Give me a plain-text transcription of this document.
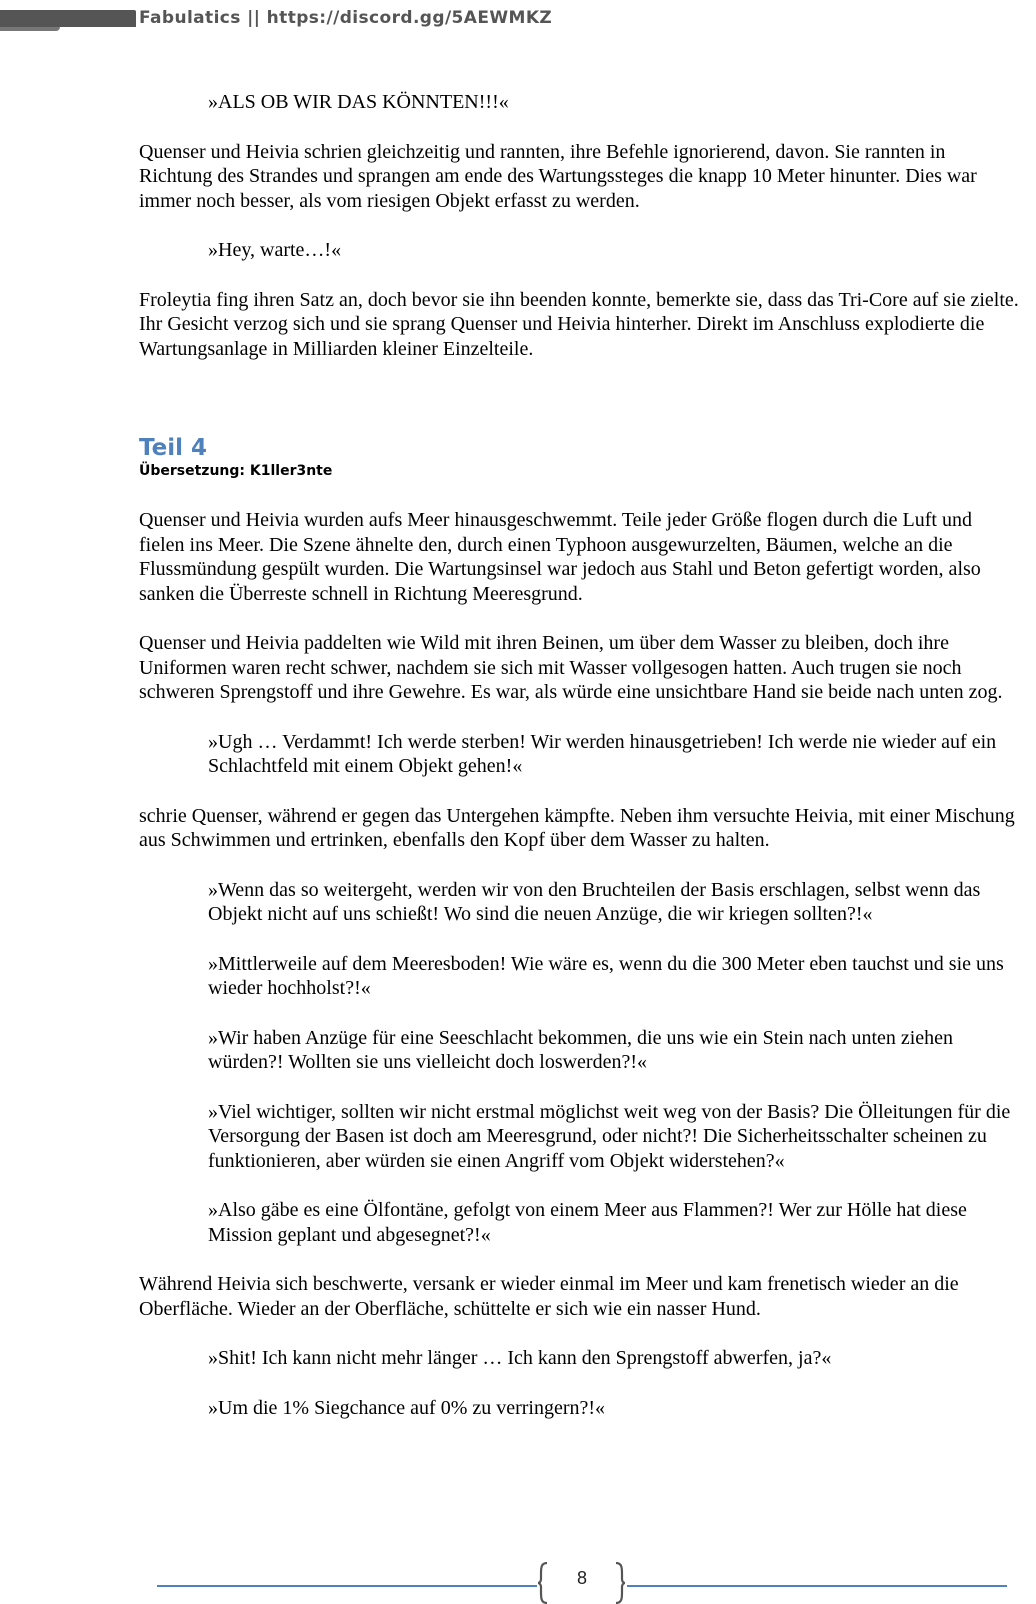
Fabulatics || https://discord.gg/5AEWMKZ

»ALS OB WIR DAS KÖNNTEN!!!«

Quenser und Heivia schrien gleichzeitig und rannten, ihre Befehle ignorierend, davon. Sie rannten in Richtung des Strandes und sprangen am ende des Wartungssteges die knapp 10 Meter hinunter. Dies war immer noch besser, als vom riesigen Objekt erfasst zu werden.

»Hey, warte…!«

Froleytia fing ihren Satz an, doch bevor sie ihn beenden konnte, bemerkte sie, dass das Tri-Core auf sie zielte. Ihr Gesicht verzog sich und sie sprang Quenser und Heivia hinterher. Direkt im Anschluss explodierte die Wartungsanlage in Milliarden kleiner Einzelteile.

Teil 4
Übersetzung: K1ller3nte

Quenser und Heivia wurden aufs Meer hinausgeschwemmt. Teile jeder Größe flogen durch die Luft und fielen ins Meer. Die Szene ähnelte den, durch einen Typhoon ausgewurzelten, Bäumen, welche an die Flussmündung gespült wurden. Die Wartungsinsel war jedoch aus Stahl und Beton gefertigt worden, also sanken die Überreste schnell in Richtung Meeresgrund.

Quenser und Heivia paddelten wie Wild mit ihren Beinen, um über dem Wasser zu bleiben, doch ihre Uniformen waren recht schwer, nachdem sie sich mit Wasser vollgesogen hatten. Auch trugen sie noch schweren Sprengstoff und ihre Gewehre. Es war, als würde eine unsichtbare Hand sie beide nach unten zog.

»Ugh … Verdammt! Ich werde sterben! Wir werden hinausgetrieben! Ich werde nie wieder auf ein Schlachtfeld mit einem Objekt gehen!«

schrie Quenser, während er gegen das Untergehen kämpfte. Neben ihm versuchte Heivia, mit einer Mischung aus Schwimmen und ertrinken, ebenfalls den Kopf über dem Wasser zu halten.

»Wenn das so weitergeht, werden wir von den Bruchteilen der Basis erschlagen, selbst wenn das Objekt nicht auf uns schießt! Wo sind die neuen Anzüge, die wir kriegen sollten?!«

»Mittlerweile auf dem Meeresboden! Wie wäre es, wenn du die 300 Meter eben tauchst und sie uns wieder hochholst?!«

»Wir haben Anzüge für eine Seeschlacht bekommen, die uns wie ein Stein nach unten ziehen würden?! Wollten sie uns vielleicht doch loswerden?!«

»Viel wichtiger, sollten wir nicht erstmal möglichst weit weg von der Basis? Die Ölleitungen für die Versorgung der Basen ist doch am Meeresgrund, oder nicht?! Die Sicherheitsschalter scheinen zu funktionieren, aber würden sie einen Angriff vom Objekt widerstehen?«

»Also gäbe es eine Ölfontäne, gefolgt von einem Meer aus Flammen?! Wer zur Hölle hat diese Mission geplant und abgesegnet?!«

Während Heivia sich beschwerte, versank er wieder einmal im Meer und kam frenetisch wieder an die Oberfläche. Wieder an der Oberfläche, schüttelte er sich wie ein nasser Hund.

»Shit! Ich kann nicht mehr länger … Ich kann den Sprengstoff abwerfen, ja?«

»Um die 1% Siegchance auf 0% zu verringern?!«

8
